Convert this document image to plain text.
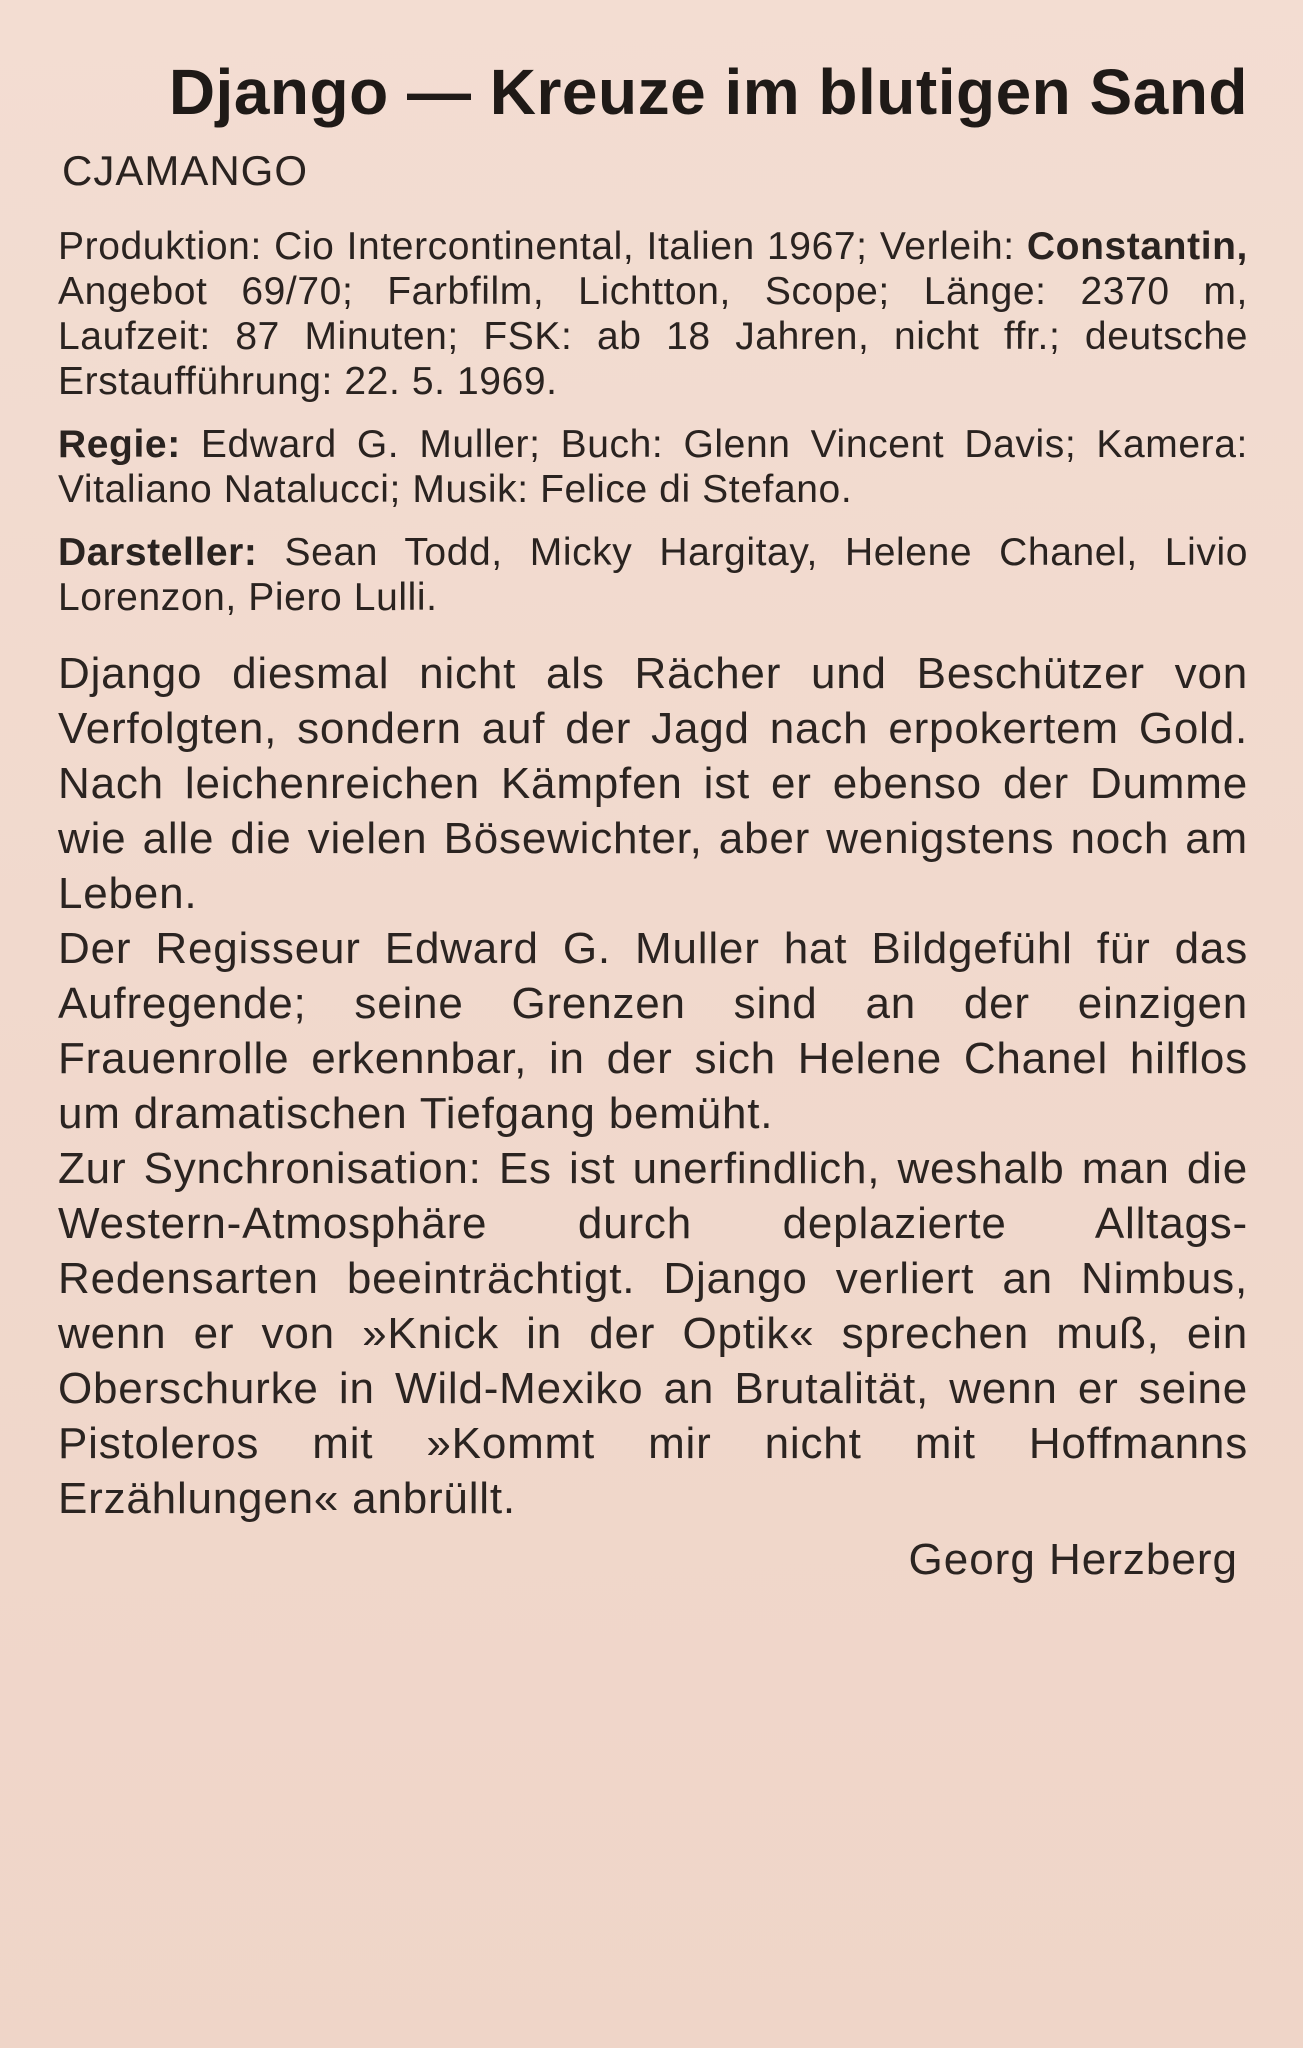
Django — Kreuze im blutigen Sand
CJAMANGO

Produktion: Cio Intercontinental, Italien 1967; Verleih: Constantin, Angebot 69/70; Farbfilm, Lichtton, Scope; Länge: 2370 m, Laufzeit: 87 Minuten; FSK: ab 18 Jahren, nicht ffr.; deutsche Erstaufführung: 22. 5. 1969.

Regie: Edward G. Muller; Buch: Glenn Vincent Davis; Kamera: Vitaliano Natalucci; Musik: Felice di Stefano.

Darsteller: Sean Todd, Micky Hargitay, Helene Chanel, Livio Lorenzon, Piero Lulli.

Django diesmal nicht als Rächer und Beschützer von Verfolgten, sondern auf der Jagd nach erpokertem Gold. Nach leichenreichen Kämpfen ist er ebenso der Dumme wie alle die vielen Bösewichter, aber wenigstens noch am Leben.

Der Regisseur Edward G. Muller hat Bildgefühl für das Aufregende; seine Grenzen sind an der einzigen Frauenrolle erkennbar, in der sich Helene Chanel hilflos um dramatischen Tiefgang bemüht.

Zur Synchronisation: Es ist unerfindlich, weshalb man die Western-Atmosphäre durch deplazierte Alltags-Redensarten beeinträchtigt. Django verliert an Nimbus, wenn er von »Knick in der Optik« sprechen muß, ein Oberschurke in Wild-Mexiko an Brutalität, wenn er seine Pistoleros mit »Kommt mir nicht mit Hoffmanns Erzählungen« anbrüllt.

Georg Herzberg
